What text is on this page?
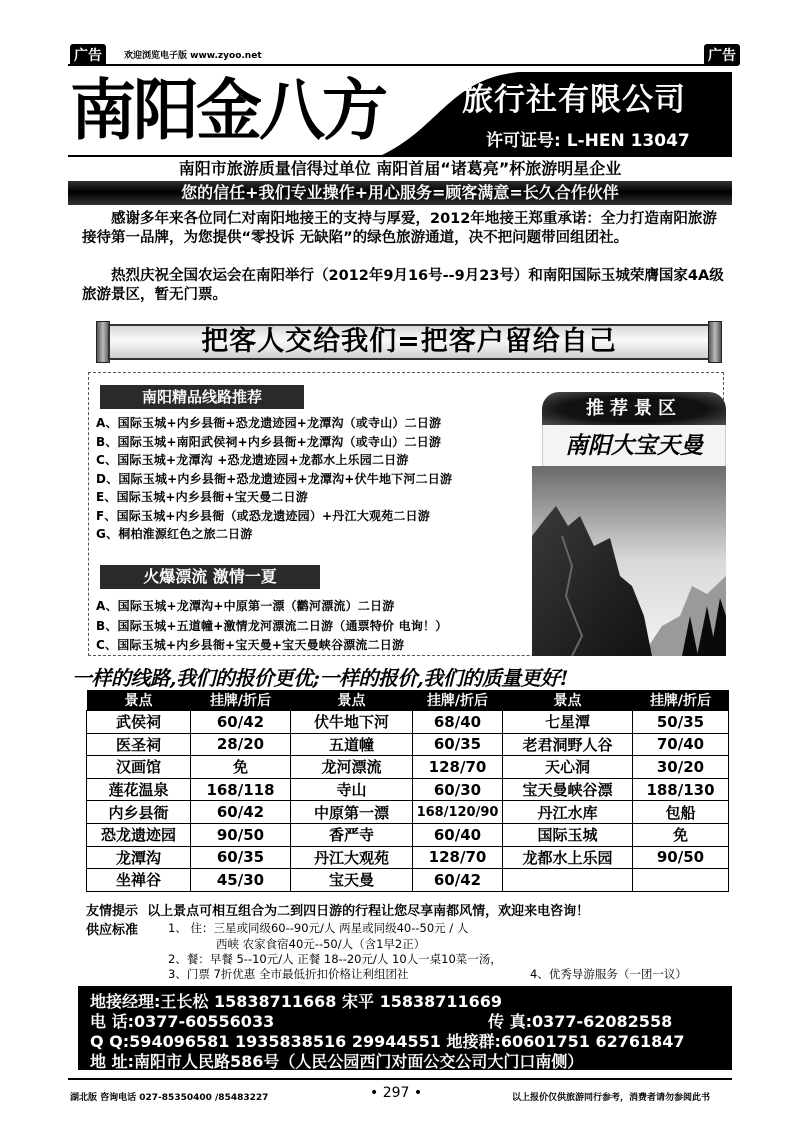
广告	欢迎浏览电子版 www.zyoo.net	广告
南阳金八方	旅行社有限公司
许可证号: L-HEN 13047
南阳市旅游质量信得过单位 南阳首届“诸葛亮”杯旅游明星企业
您的信任+我们专业操作+用心服务=顾客满意=长久合作伙伴
感谢多年来各位同仁对南阳地接王的支持与厚爱，2012年地接王郑重承诺：全力打造南阳旅游接待第一品牌，为您提供“零投诉 无缺陷”的绿色旅游通道，决不把问题带回组团社。
热烈庆祝全国农运会在南阳举行（2012年9月16号--9月23号）和南阳国际玉城荣膺国家4A级旅游景区，暂无门票。
把客人交给我们=把客户留给自己
南阳精品线路推荐
A、国际玉城+内乡县衙+恐龙遗迹园+龙潭沟（或寺山）二日游
B、国际玉城+南阳武侯祠+内乡县衙+龙潭沟（或寺山）二日游
C、国际玉城+龙潭沟 +恐龙遗迹园+龙都水上乐园二日游
D、国际玉城+内乡县衙+恐龙遗迹园+龙潭沟+伏牛地下河二日游
E、国际玉城+内乡县衙+宝天曼二日游
F、国际玉城+内乡县衙（或恐龙遗迹园）+丹江大观苑二日游
G、桐柏淮源红色之旅二日游
火爆漂流 激情一夏
A、国际玉城+龙潭沟+中原第一漂（鹳河漂流）二日游
B、国际玉城+五道幢+激情龙河漂流二日游（通票特价 电询！）
C、国际玉城+内乡县衙+宝天曼+宝天曼峡谷漂流二日游
推荐景区
南阳大宝天曼
一样的线路,我们的报价更优;一样的报价,我们的质量更好!
景点	挂牌/折后	景点	挂牌/折后	景点	挂牌/折后
武侯祠	60/42	伏牛地下河	68/40	七星潭	50/35
医圣祠	28/20	五道幢	60/35	老君洞野人谷	70/40
汉画馆	免	龙河漂流	128/70	天心洞	30/20
莲花温泉	168/118	寺山	60/30	宝天曼峡谷漂	188/130
内乡县衙	60/42	中原第一漂	168/120/90	丹江水库	包船
恐龙遗迹园	90/50	香严寺	60/40	国际玉城	免
龙潭沟	60/35	丹江大观苑	128/70	龙都水上乐园	90/50
坐禅谷	45/30	宝天曼	60/42		
友情提示 以上景点可相互组合为二到四日游的行程让您尽享南都风情，欢迎来电咨询！
供应标准	1、 住：三星或同级60--90元/人 两星或同级40--50元 / 人
西峡 农家食宿40元--50/人（含1早2正）
2、餐：早餐 5--10元/人 正餐 18--20元/人 10人一桌10菜一汤，
3、门票 7折优惠 全市最低折扣价格让利组团社	4、优秀导游服务（一团一议）
地接经理:王长松 15838711668 宋平 15838711669
电 话:0377-60556033	传 真:0377-62082558
Q Q:594096581 1935838516 29944551 地接群:60601751 62761847
地 址:南阳市人民路586号（人民公园西门对面公交公司大门口南侧）
湖北版 咨询电话 027-85350400 /85483227	• 297 •	以上报价仅供旅游同行参考，消费者请勿参阅此书
